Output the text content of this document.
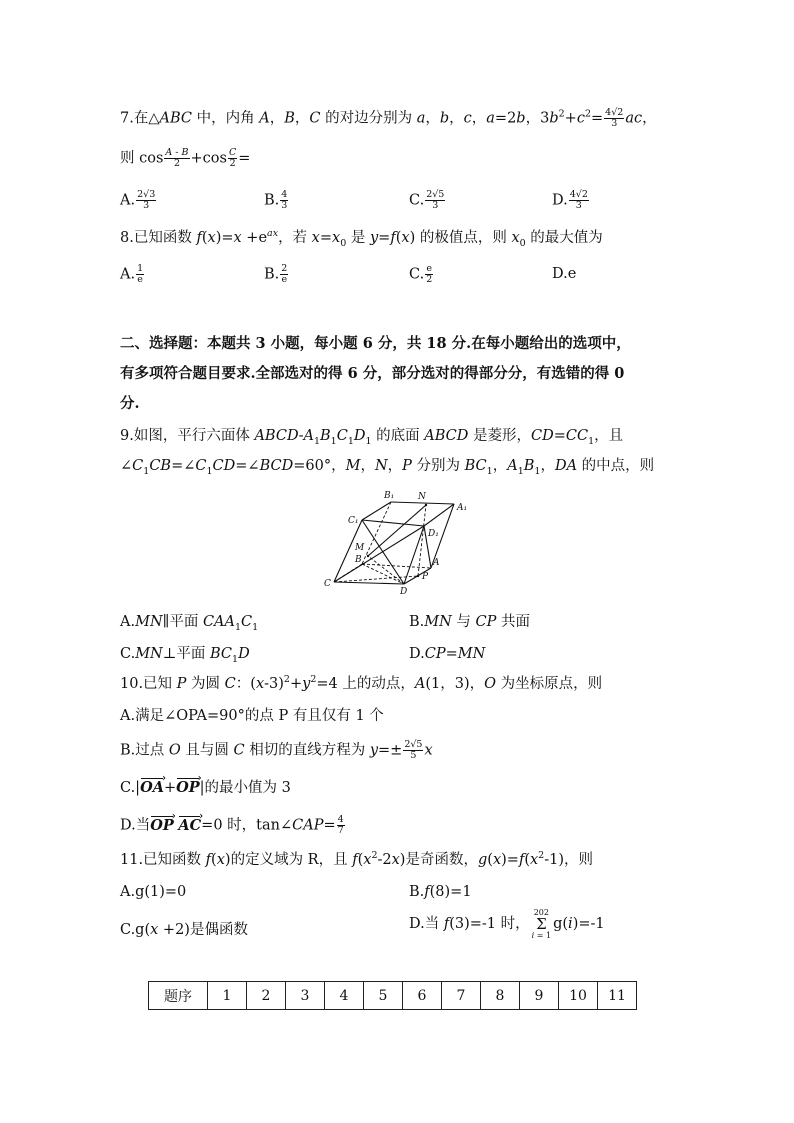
7.在△ABC 中，内角 A，B，C 的对边分别为 a，b，c，a=2b，$3b^2+c^2= \frac{4√2}{3}$ ac，
则 $\cos \frac{A - B}{2} +\cos \frac{C}{2}$ =
A. $\frac{2√3}{3}$	B. $\frac{4}{3}$	C. $\frac{2√5}{3}$	D. $\frac{4√2}{3}$
8.已知函数 $f(x)=x +e^{ax}$，若 $x=x_0$ 是 y=f(x) 的极值点，则 $x_0$ 的最大值为
A. $\frac{1}{e}$	B. $\frac{2}{e}$	C. $\frac{e}{2}$	D.e
二、选择题：本题共 3 小题，每小题 6 分，共 18 分.在每小题给出的选项中，
有多项符合题目要求.全部选对的得 6 分，部分选对的得部分分，有选错的得 0
分.
9.如图，平行六面体 ABCD-$A_1B_1C_1D_1$ 的底面 ABCD 是菱形，$CD=CC_1$，且
$\angle C_1CB=\angle C_1CD=\angle BCD=60^\circ$，M，N，P 分别为 $BC_1$，$A_1B_1$，DA 的中点，则
B₁	N
A₁
C₁
D₁
M
B	A
P
C
D
A.MN∥平面 $CAA_1C_1$	B.MN 与 CP 共面
C.MN⊥平面 $BC_1D$	D.CP=MN
10.已知 P 为圆 C：$(x-3)^2+y^2=4$ 上的动点，A(1，3)，O 为坐标原点，则
A.满足∠OPA=90°的点 P 有且仅有 1 个
B.过点 O 且与圆 C 相切的直线方程为 $y=\pm \frac{2√5}{5}$ x
C.|OA ›+OP ›|的最小值为 3
D.当OP › AC ›=0 时，tan∠CAP= $\frac{4}{7}$
11.已知函数 f(x)的定义域为 R，且 $f(x^2-2x)$是奇函数，$g(x)=f(x^2-1)$，则
A.g(1)=0	B.f(8)=1
C.g(x +2)是偶函数	D.当 f(3)=-1 时，
202
Σ
i = 1
g(i)=-1
题序	1	2	3	4	5	6	7	8	9	10	11
